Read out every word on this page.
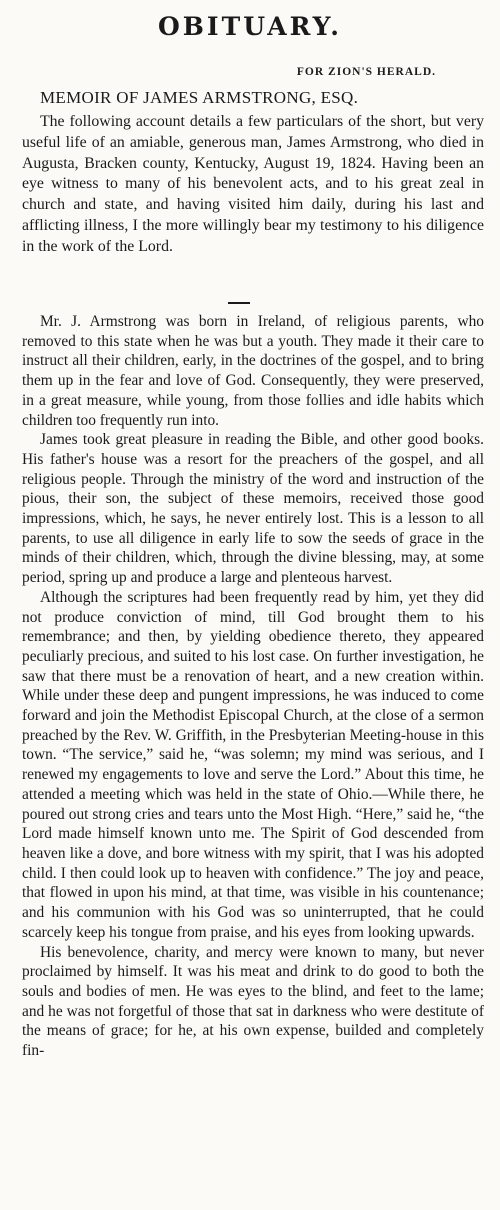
OBITUARY.
FOR ZION'S HERALD.
MEMOIR OF JAMES ARMSTRONG, ESQ.

The following account details a few particulars of the short, but very useful life of an amiable, generous man, James Armstrong, who died in Augusta, Bracken county, Kentucky, August 19, 1824. Having been an eye witness to many of his benevolent acts, and to his great zeal in church and state, and having visited him daily, during his last and afflicting illness, I the more willingly bear my testimony to his diligence in the work of the Lord.

Mr. J. Armstrong was born in Ireland, of religious parents, who removed to this state when he was but a youth. They made it their care to instruct all their children, early, in the doctrines of the gospel, and to bring them up in the fear and love of God. Consequently, they were preserved, in a great measure, while young, from those follies and idle habits which children too frequently run into.

James took great pleasure in reading the Bible, and other good books. His father's house was a resort for the preachers of the gospel, and all religious people. Through the ministry of the word and instruction of the pious, their son, the subject of these memoirs, received those good impressions, which, he says, he never entirely lost. This is a lesson to all parents, to use all diligence in early life to sow the seeds of grace in the minds of their children, which, through the divine blessing, may, at some period, spring up and produce a large and plenteous harvest.

Although the scriptures had been frequently read by him, yet they did not produce conviction of mind, till God brought them to his remembrance; and then, by yielding obedience thereto, they appeared peculiarly precious, and suited to his lost case. On further investigation, he saw that there must be a renovation of heart, and a new creation within. While under these deep and pungent impressions, he was induced to come forward and join the Methodist Episcopal Church, at the close of a sermon preached by the Rev. W. Griffith, in the Presbyterian Meeting-house in this town. “The service,” said he, “was solemn; my mind was serious, and I renewed my engagements to love and serve the Lord.” About this time, he attended a meeting which was held in the state of Ohio.—While there, he poured out strong cries and tears unto the Most High. “Here,” said he, “the Lord made himself known unto me. The Spirit of God descended from heaven like a dove, and bore witness with my spirit, that I was his adopted child. I then could look up to heaven with confidence.” The joy and peace, that flowed in upon his mind, at that time, was visible in his countenance; and his communion with his God was so uninterrupted, that he could scarcely keep his tongue from praise, and his eyes from looking upwards.

His benevolence, charity, and mercy were known to many, but never proclaimed by himself. It was his meat and drink to do good to both the souls and bodies of men. He was eyes to the blind, and feet to the lame; and he was not forgetful of those that sat in darkness who were destitute of the means of grace; for he, at his own expense, builded and completely fin-
